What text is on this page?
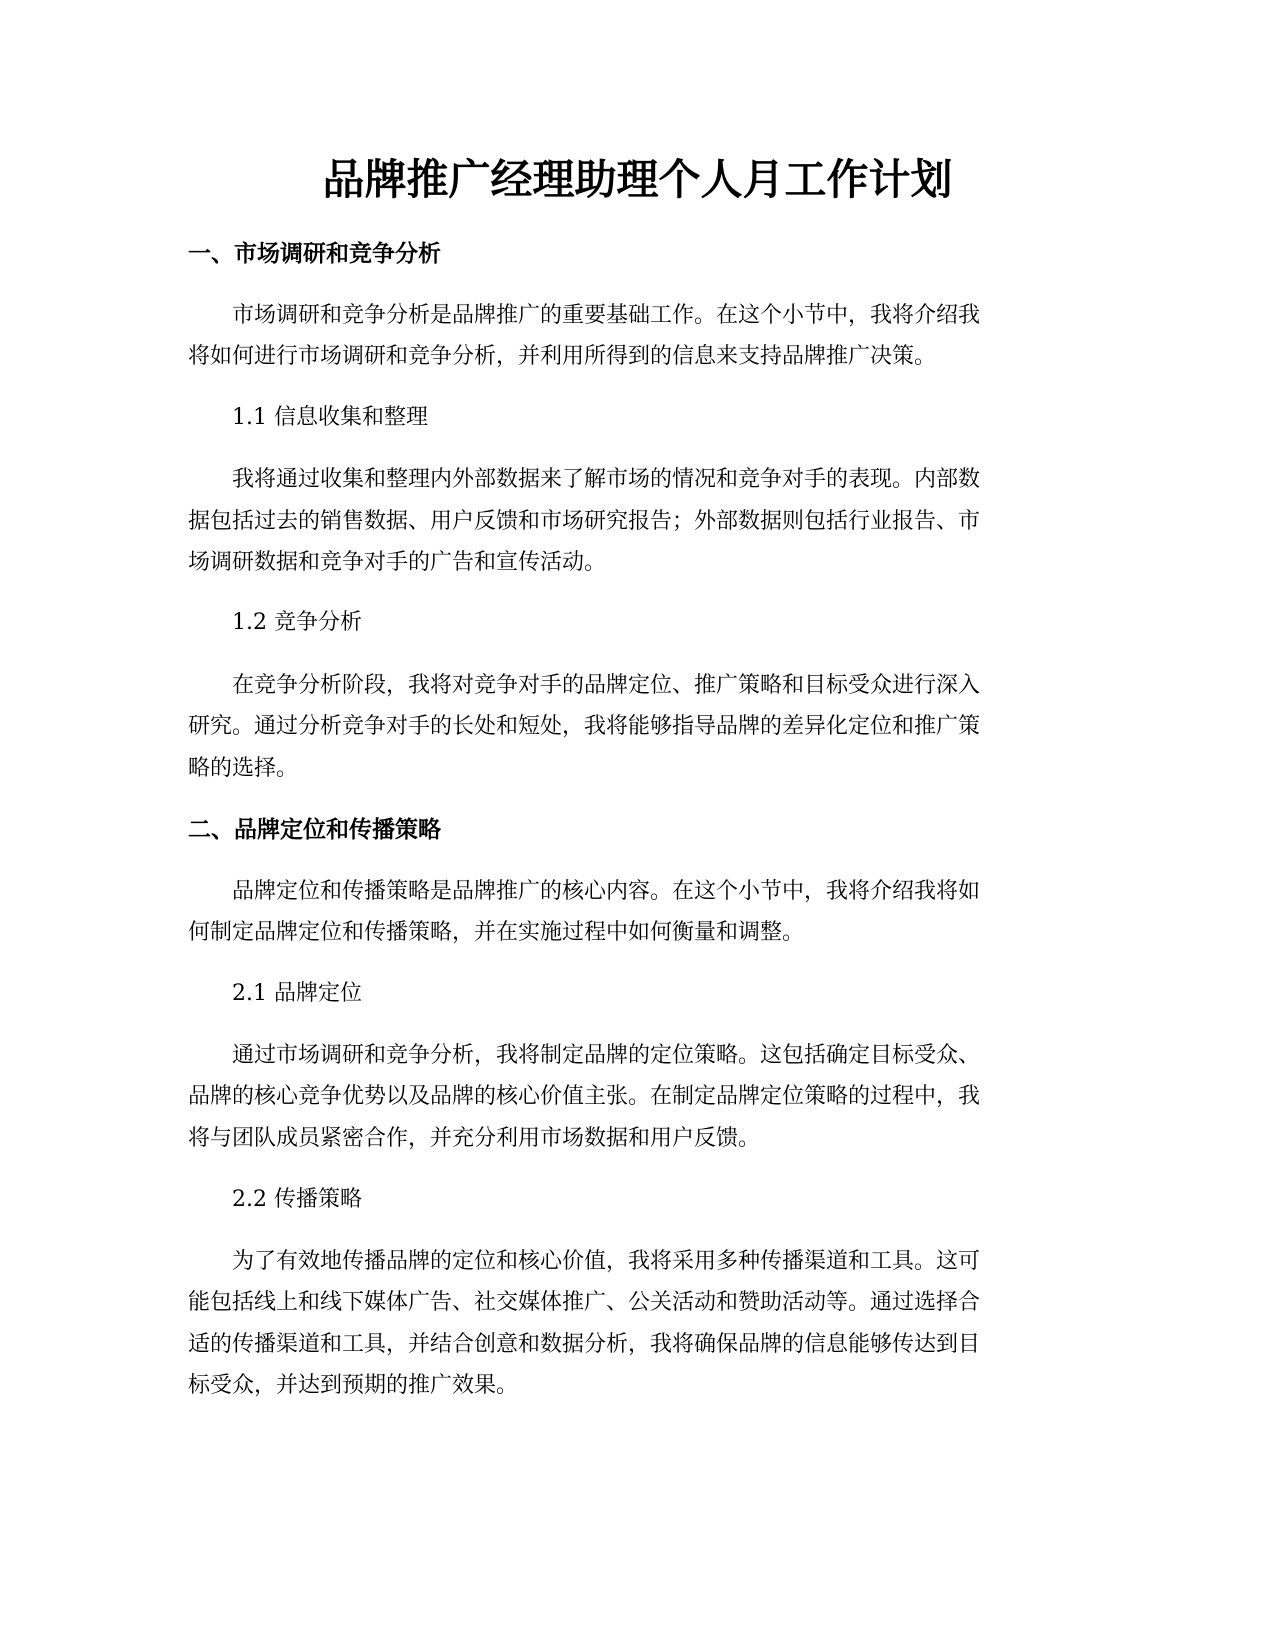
品牌推广经理助理个人月工作计划
一、市场调研和竞争分析

市场调研和竞争分析是品牌推广的重要基础工作。在这个小节中，我将介绍我

将如何进行市场调研和竞争分析，并利用所得到的信息来支持品牌推广决策。

1.1 信息收集和整理

我将通过收集和整理内外部数据来了解市场的情况和竞争对手的表现。内部数

据包括过去的销售数据、用户反馈和市场研究报告；外部数据则包括行业报告、市

场调研数据和竞争对手的广告和宣传活动。

1.2 竞争分析

在竞争分析阶段，我将对竞争对手的品牌定位、推广策略和目标受众进行深入

研究。通过分析竞争对手的长处和短处，我将能够指导品牌的差异化定位和推广策

略的选择。

二、品牌定位和传播策略

品牌定位和传播策略是品牌推广的核心内容。在这个小节中，我将介绍我将如

何制定品牌定位和传播策略，并在实施过程中如何衡量和调整。

2.1 品牌定位

通过市场调研和竞争分析，我将制定品牌的定位策略。这包括确定目标受众、

品牌的核心竞争优势以及品牌的核心价值主张。在制定品牌定位策略的过程中，我

将与团队成员紧密合作，并充分利用市场数据和用户反馈。

2.2 传播策略

为了有效地传播品牌的定位和核心价值，我将采用多种传播渠道和工具。这可

能包括线上和线下媒体广告、社交媒体推广、公关活动和赞助活动等。通过选择合

适的传播渠道和工具，并结合创意和数据分析，我将确保品牌的信息能够传达到目

标受众，并达到预期的推广效果。
